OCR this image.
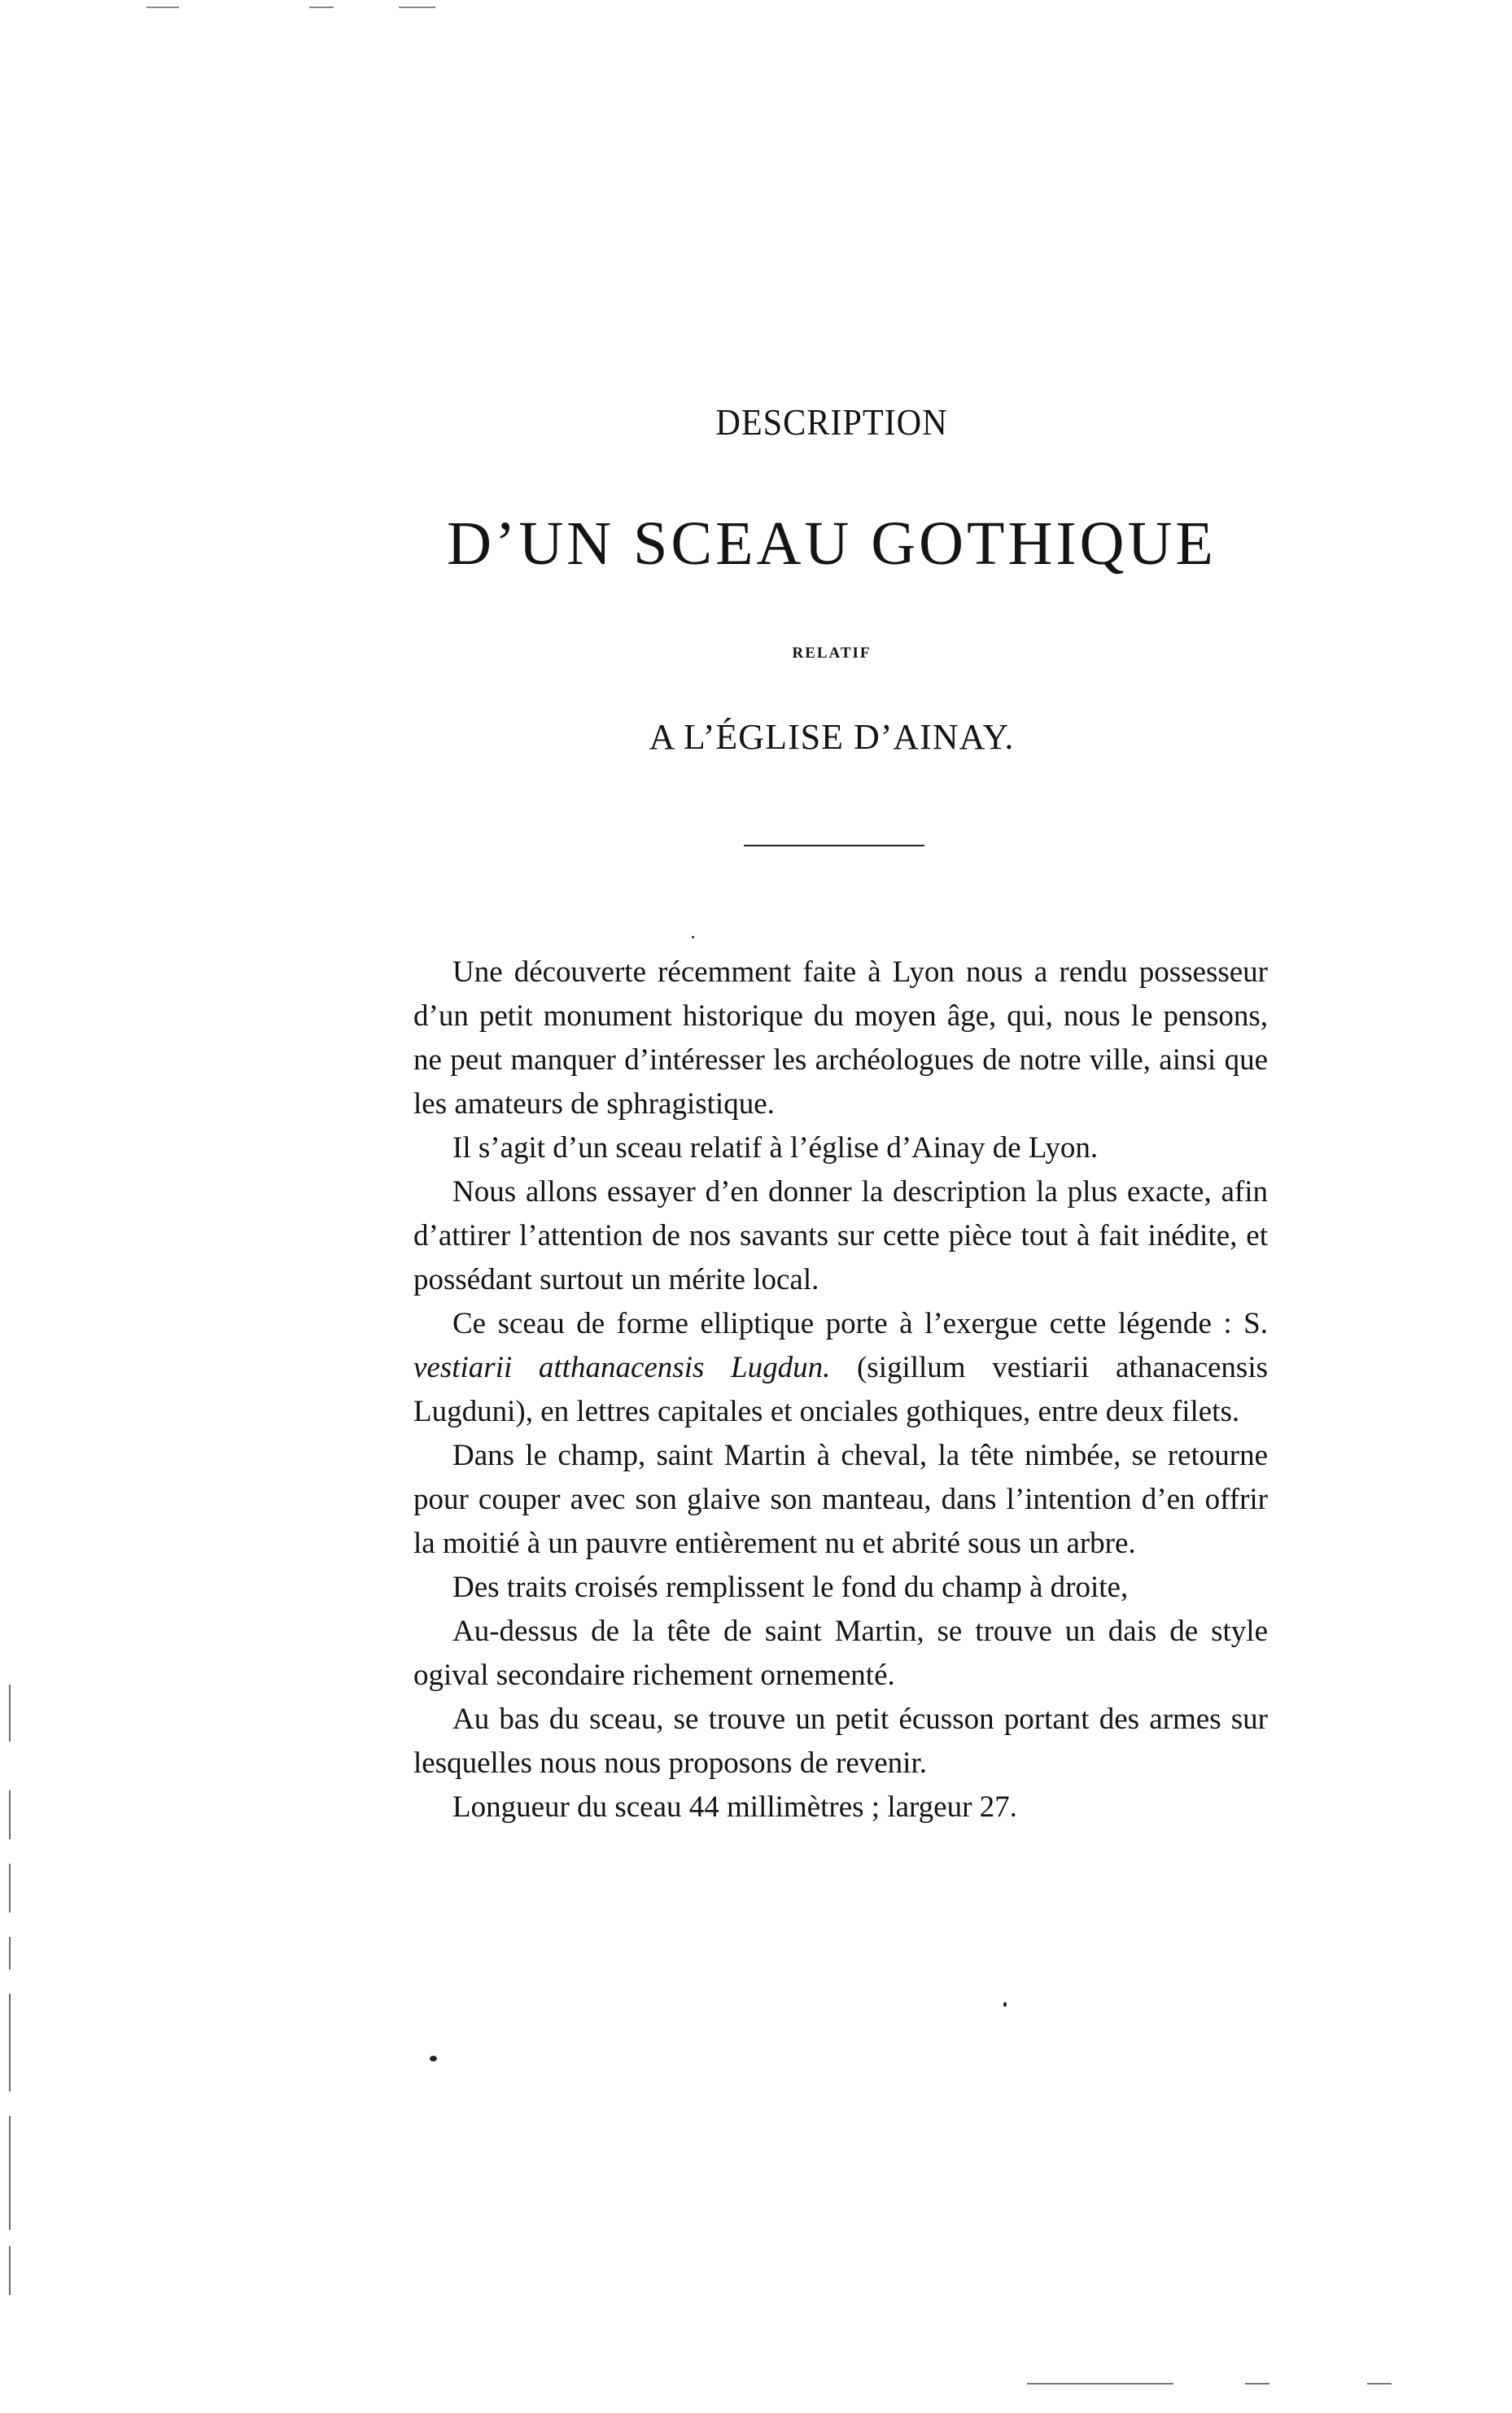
DESCRIPTION
D’UN SCEAU GOTHIQUE
RELATIF
A L’ÉGLISE D’AINAY.

Une découverte récemment faite à Lyon nous a rendu possesseur d’un petit monument historique du moyen âge, qui, nous le pensons, ne peut manquer d’intéresser les archéologues de notre ville, ainsi que les amateurs de sphragistique.

Il s’agit d’un sceau relatif à l’église d’Ainay de Lyon.

Nous allons essayer d’en donner la description la plus exacte, afin d’attirer l’attention de nos savants sur cette pièce tout à fait inédite, et possédant surtout un mérite local.

Ce sceau de forme elliptique porte à l’exergue cette légende : S. vestiarii atthanacensis Lugdun. (sigillum vestiarii athanacensis Lugduni), en lettres capitales et onciales gothiques, entre deux filets.

Dans le champ, saint Martin à cheval, la tête nimbée, se retourne pour couper avec son glaive son manteau, dans l’intention d’en offrir la moitié à un pauvre entièrement nu et abrité sous un arbre.

Des traits croisés remplissent le fond du champ à droite,

Au-dessus de la tête de saint Martin, se trouve un dais de style ogival secondaire richement ornementé.

Au bas du sceau, se trouve un petit écusson portant des armes sur lesquelles nous nous proposons de revenir.

Longueur du sceau 44 millimètres ; largeur 27.
